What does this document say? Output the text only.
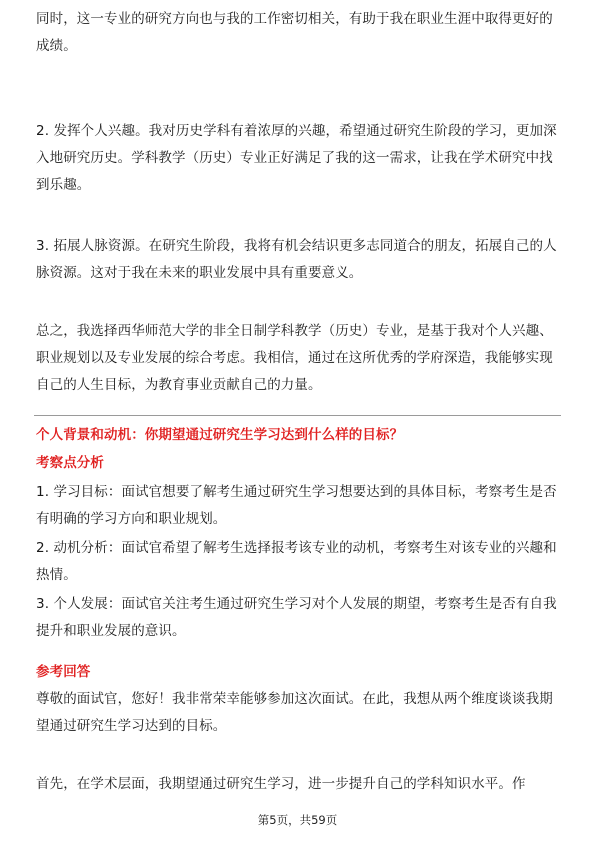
同时，这一专业的研究方向也与我的工作密切相关，有助于我在职业生涯中取得更好的成绩。

2. 发挥个人兴趣。我对历史学科有着浓厚的兴趣，希望通过研究生阶段的学习，更加深入地研究历史。学科教学（历史）专业正好满足了我的这一需求，让我在学术研究中找到乐趣。

3. 拓展人脉资源。在研究生阶段，我将有机会结识更多志同道合的朋友，拓展自己的人脉资源。这对于我在未来的职业发展中具有重要意义。

总之，我选择西华师范大学的非全日制学科教学（历史）专业，是基于我对个人兴趣、职业规划以及专业发展的综合考虑。我相信，通过在这所优秀的学府深造，我能够实现自己的人生目标，为教育事业贡献自己的力量。

个人背景和动机：你期望通过研究生学习达到什么样的目标？

考察点分析

1. 学习目标：面试官想要了解考生通过研究生学习想要达到的具体目标，考察考生是否有明确的学习方向和职业规划。

2. 动机分析：面试官希望了解考生选择报考该专业的动机，考察考生对该专业的兴趣和热情。

3. 个人发展：面试官关注考生通过研究生学习对个人发展的期望，考察考生是否有自我提升和职业发展的意识。

参考回答

尊敬的面试官，您好！我非常荣幸能够参加这次面试。在此，我想从两个维度谈谈我期望通过研究生学习达到的目标。

首先，在学术层面，我期望通过研究生学习，进一步提升自己的学科知识水平。作

第5页，共59页
